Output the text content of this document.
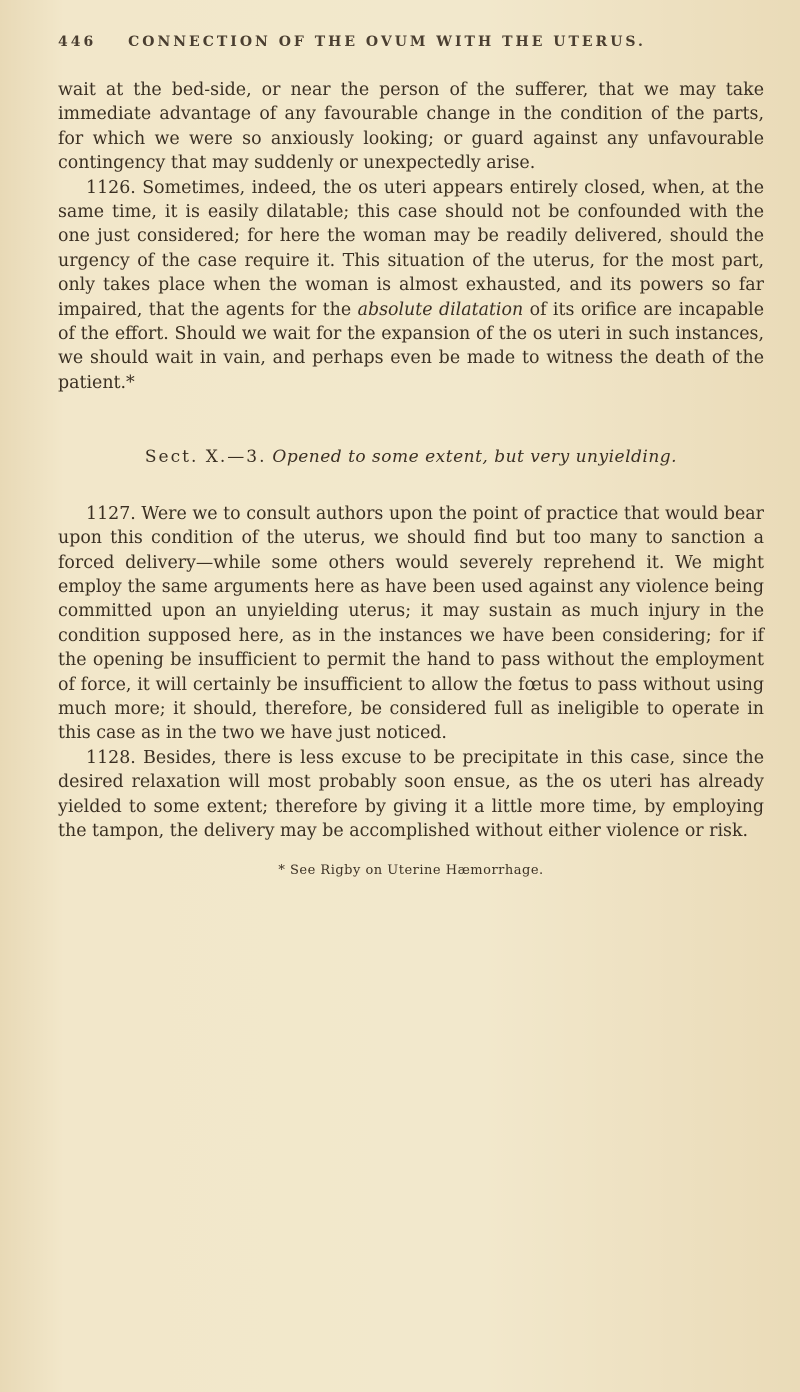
446 CONNECTION OF THE OVUM WITH THE UTERUS.

wait at the bed-side, or near the person of the sufferer, that we may take immediate advantage of any favourable change in the condition of the parts, for which we were so anxiously looking; or guard against any unfavourable contingency that may suddenly or unexpectedly arise.

1126. Sometimes, indeed, the os uteri appears entirely closed, when, at the same time, it is easily dilatable; this case should not be confounded with the one just considered; for here the woman may be readily delivered, should the urgency of the case require it. This situation of the uterus, for the most part, only takes place when the woman is almost exhausted, and its powers so far impaired, that the agents for the absolute dilatation of its orifice are incapable of the effort. Should we wait for the expansion of the os uteri in such instances, we should wait in vain, and perhaps even be made to witness the death of the patient.*

Sect. X.—3. Opened to some extent, but very unyielding.

1127. Were we to consult authors upon the point of practice that would bear upon this condition of the uterus, we should find but too many to sanction a forced delivery—while some others would severely reprehend it. We might employ the same arguments here as have been used against any violence being committed upon an unyielding uterus; it may sustain as much injury in the condition supposed here, as in the instances we have been considering; for if the opening be insufficient to permit the hand to pass without the employment of force, it will certainly be insufficient to allow the fœtus to pass without using much more; it should, therefore, be considered full as ineligible to operate in this case as in the two we have just noticed.

1128. Besides, there is less excuse to be precipitate in this case, since the desired relaxation will most probably soon ensue, as the os uteri has already yielded to some extent; therefore by giving it a little more time, by employing the tampon, the delivery may be accomplished without either violence or risk.

* See Rigby on Uterine Hæmorrhage.
